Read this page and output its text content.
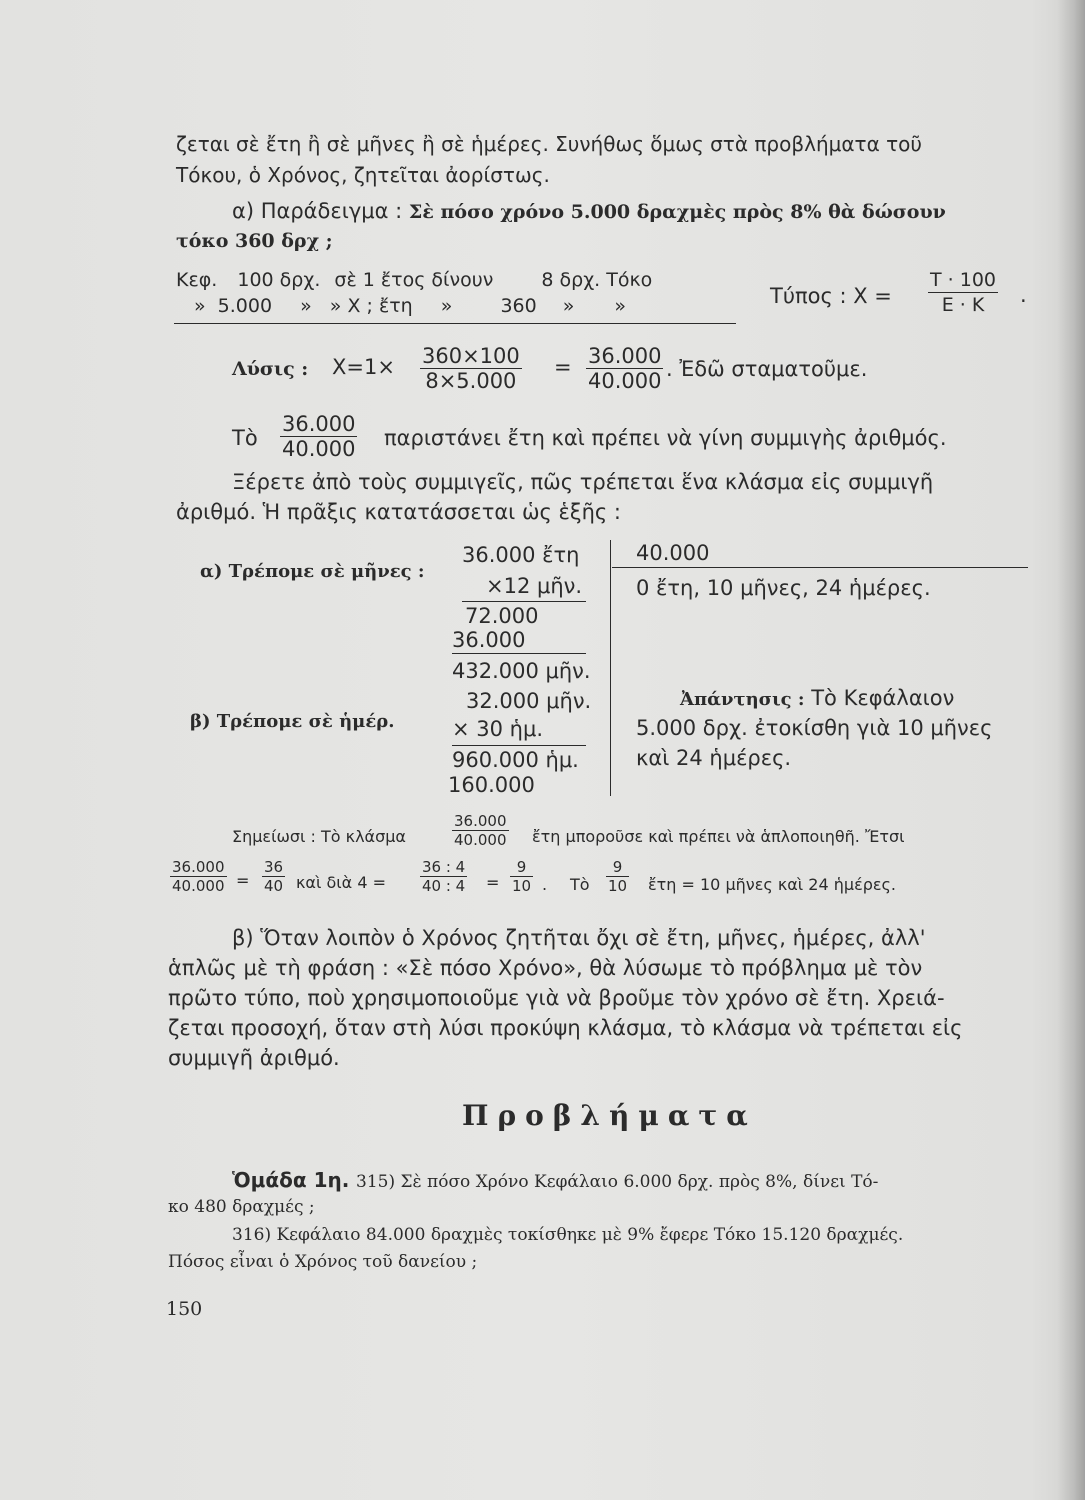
ζεται σὲ ἔτη ἢ σὲ μῆνες ἢ σὲ ἡμέρες. Συνήθως ὅμως στὰ προβλήματα τοῦ
Τόκου, ὁ Χρόνος, ζητεῖται ἀορίστως.
α) Παράδειγμα : Σὲ πόσο χρόνο 5.000 δραχμὲς πρὸς 8% θὰ δώσουν
τόκο 360 δρχ ;
Κεφ. 100 δρχ. σὲ 1 ἔτος δίνουν	8 δρχ. Τόκο
» 5.000 » » Χ ; ἔτη »	360 » »	Τύπος : $X = \frac{T \cdot 100}{E \cdot K}$ .
Λύσις : $X=1\times \frac{360\times 100}{8\times 5.000} = \frac{36.000}{40.000}$ . Ἐδῶ σταματοῦμε.
Τὸ $\frac{36.000}{40.000}$ παριστάνει ἔτη καὶ πρέπει νὰ γίνη συμμιγὴς ἀριθμός.
Ξέρετε ἀπὸ τοὺς συμμιγεῖς, πῶς τρέπεται ἕνα κλάσμα εἰς συμμιγῆ
ἀριθμό. Ἡ πρᾶξις κατατάσσεται ὡς ἑξῆς :
α) Τρέπομε σὲ μῆνες :
β) Τρέπομε σὲ ἡμέρ.
36.000 ἔτη
×12 μῆν.
72.000
36.000
432.000 μῆν.
32.000 μῆν.
× 30 ἡμ.
960.000 ἡμ.
160.000
40.000
0 ἔτη, 10 μῆνες, 24 ἡμέρες.
Ἀπάντησις : Τὸ Κεφάλαιον
5.000 δρχ. ἐτοκίσθη γιὰ 10 μῆνες
καὶ 24 ἡμέρες.
Σημείωσι : Τὸ κλάσμα	$\frac{36.000}{40.000}$ ἔτη μποροῦσε καὶ πρέπει νὰ ἁπλοποιηθῆ. Ἔτσι
$\frac{36.000}{40.000} = \frac{36}{40}$ καὶ διὰ $4 = \frac{36 : 4}{40 : 4} = \frac{9}{10}$ . Τὸ $\frac{9}{10}$ ἔτη = 10 μῆνες καὶ 24 ἡμέρες.
β) Ὅταν λοιπὸν ὁ Χρόνος ζητῆται ὄχι σὲ ἔτη, μῆνες, ἡμέρες, ἀλλ'
ἁπλῶς μὲ τὴ φράση : «Σὲ πόσο Χρόνο», θὰ λύσωμε τὸ πρόβλημα μὲ τὸν
πρῶτο τύπο, ποὺ χρησιμοποιοῦμε γιὰ νὰ βροῦμε τὸν χρόνο σὲ ἔτη. Χρειά-
ζεται προσοχή, ὅταν στὴ λύσι προκύψη κλάσμα, τὸ κλάσμα νὰ τρέπεται εἰς
συμμιγῆ ἀριθμό.
Προβλήματα
Ὁμάδα 1η. 315) Σὲ πόσο Χρόνο Κεφάλαιο 6.000 δρχ. πρὸς 8%, δίνει Τό-
κο 480 δραχμές ;
316) Κεφάλαιο 84.000 δραχμὲς τοκίσθηκε μὲ 9% ἔφερε Τόκο 15.120 δραχμές.
Πόσος εἶναι ὁ Χρόνος τοῦ δανείου ;
150
